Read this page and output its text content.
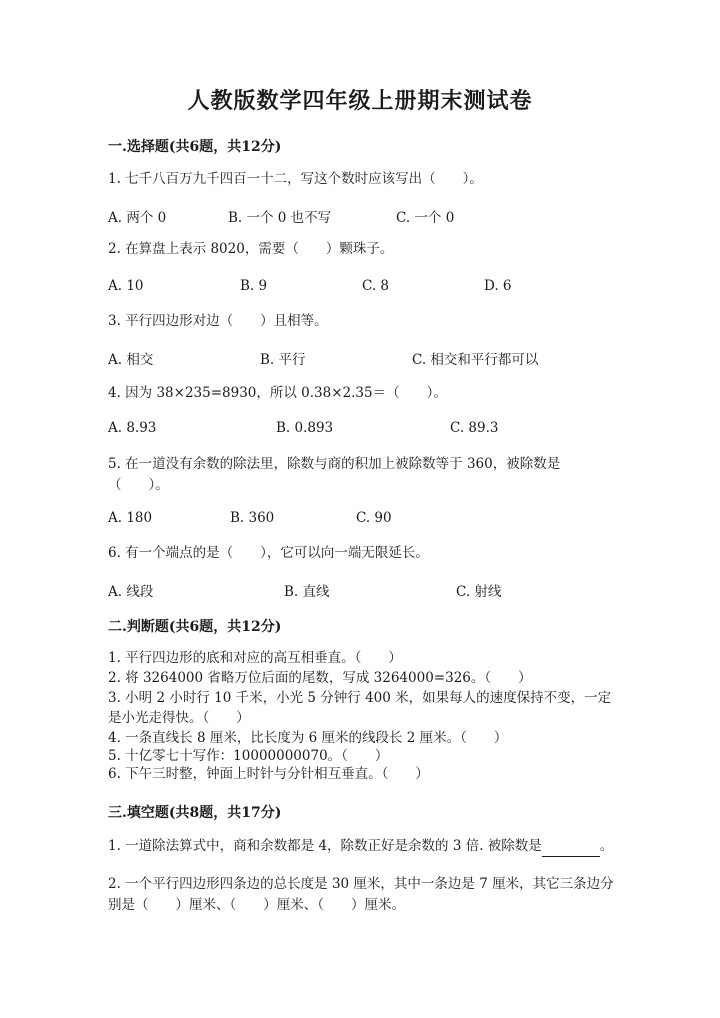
人教版数学四年级上册期末测试卷
一.选择题(共6题，共12分)
1. 七千八百万九千四百一十二，写这个数时应该写出（　　）。
A. 两个 0	B. 一个 0 也不写	C. 一个 0
2. 在算盘上表示 8020，需要（　　）颗珠子。
A. 10	B. 9	C. 8	D. 6
3. 平行四边形对边（　　）且相等。
A. 相交	B. 平行	C. 相交和平行都可以
4. 因为 38×235=8930，所以 0.38×2.35＝（　　）。
A. 8.93	B. 0.893	C. 89.3
5. 在一道没有余数的除法里，除数与商的积加上被除数等于 360，被除数是（　　）。
A. 180	B. 360	C. 90
6. 有一个端点的是（　　），它可以向一端无限延长。
A. 线段	B. 直线	C. 射线
二.判断题(共6题，共12分)
1. 平行四边形的底和对应的高互相垂直。（　　）
2. 将 3264000 省略万位后面的尾数，写成 3264000=326。（　　）
3. 小明 2 小时行 10 千米，小光 5 分钟行 400 米，如果每人的速度保持不变，一定是小光走得快。（　　）
4. 一条直线长 8 厘米，比长度为 6 厘米的线段长 2 厘米。（　　）
5. 十亿零七十写作：10000000070。（　　）
6. 下午三时整，钟面上时针与分针相互垂直。（　　）
三.填空题(共8题，共17分)
1. 一道除法算式中，商和余数都是 4，除数正好是余数的 3 倍. 被除数是	。
2. 一个平行四边形四条边的总长度是 30 厘米，其中一条边是 7 厘米，其它三条边分别是（　　）厘米、（　　）厘米、（　　）厘米。
